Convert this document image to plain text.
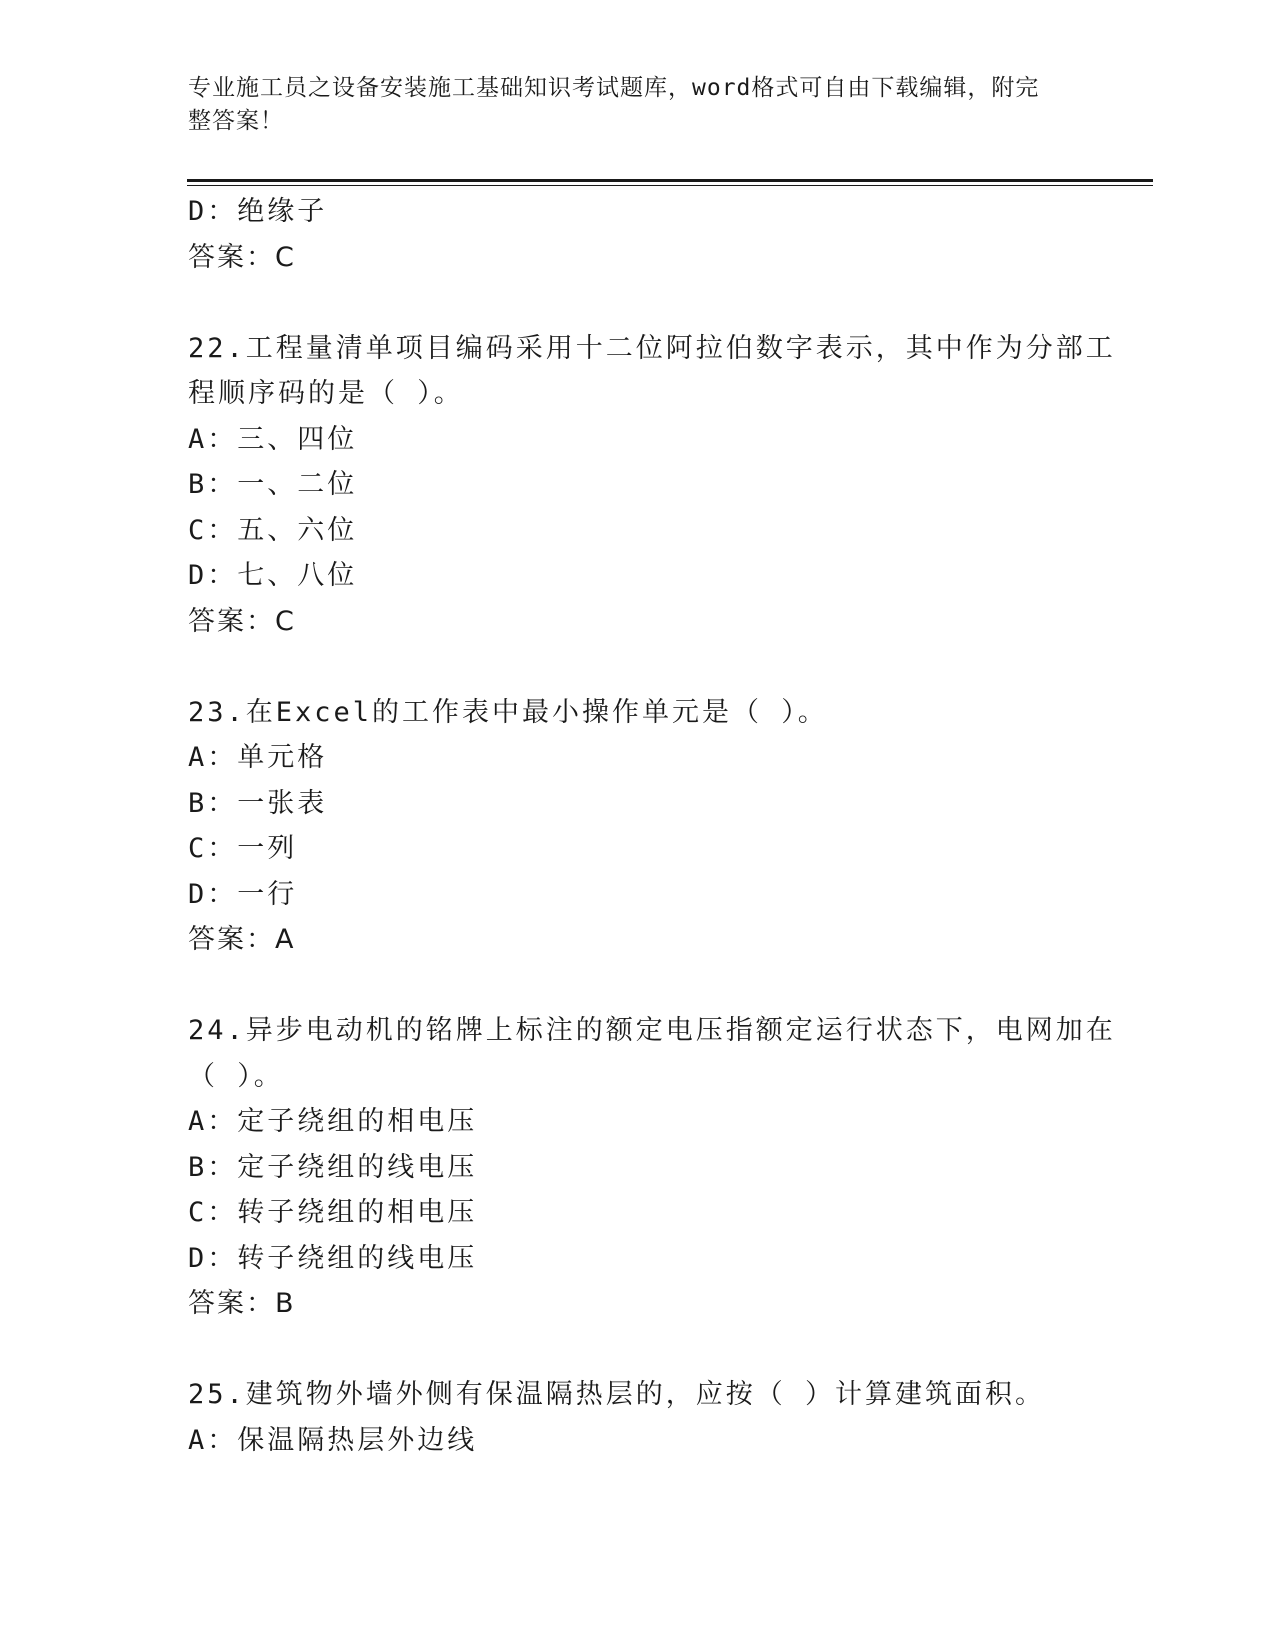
专业施工员之设备安装施工基础知识考试题库，word格式可自由下载编辑，附完
整答案！
D：绝缘子
答案：C
22.工程量清单项目编码采用十二位阿拉伯数字表示，其中作为分部工
程顺序码的是（ ）。
A：三、四位
B：一、二位
C：五、六位
D：七、八位
答案：C
23.在Excel的工作表中最小操作单元是（ ）。
A：单元格
B：一张表
C：一列
D：一行
答案：A
24.异步电动机的铭牌上标注的额定电压指额定运行状态下，电网加在
（ ）。
A：定子绕组的相电压
B：定子绕组的线电压
C：转子绕组的相电压
D：转子绕组的线电压
答案：B
25.建筑物外墙外侧有保温隔热层的，应按（ ）计算建筑面积。
A：保温隔热层外边线
